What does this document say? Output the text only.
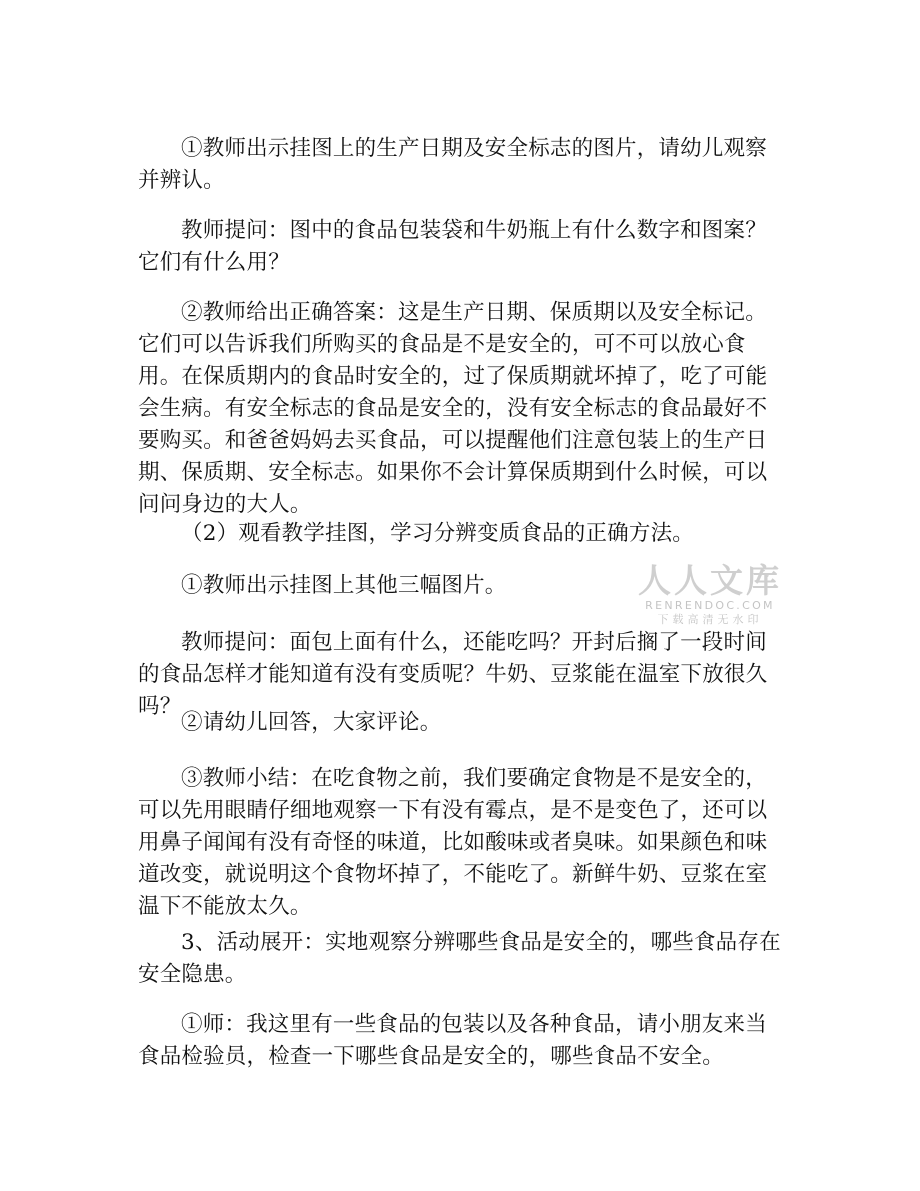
①教师出示挂图上的生产日期及安全标志的图片，请幼儿观察并辨认。

教师提问：图中的食品包装袋和牛奶瓶上有什么数字和图案？它们有什么用？

②教师给出正确答案：这是生产日期、保质期以及安全标记。它们可以告诉我们所购买的食品是不是安全的，可不可以放心食用。在保质期内的食品时安全的，过了保质期就坏掉了，吃了可能会生病。有安全标志的食品是安全的，没有安全标志的食品最好不要购买。和爸爸妈妈去买食品，可以提醒他们注意包装上的生产日期、保质期、安全标志。如果你不会计算保质期到什么时候，可以问问身边的大人。

（2）观看教学挂图，学习分辨变质食品的正确方法。

①教师出示挂图上其他三幅图片。

教师提问：面包上面有什么，还能吃吗？开封后搁了一段时间的食品怎样才能知道有没有变质呢？牛奶、豆浆能在温室下放很久吗？

②请幼儿回答，大家评论。

③教师小结：在吃食物之前，我们要确定食物是不是安全的，可以先用眼睛仔细地观察一下有没有霉点，是不是变色了，还可以用鼻子闻闻有没有奇怪的味道，比如酸味或者臭味。如果颜色和味道改变，就说明这个食物坏掉了，不能吃了。新鲜牛奶、豆浆在室温下不能放太久。

3、活动展开：实地观察分辨哪些食品是安全的，哪些食品存在安全隐患。

①师：我这里有一些食品的包装以及各种食品，请小朋友来当食品检验员，检查一下哪些食品是安全的，哪些食品不安全。

人人文库
RENRENDOC.COM
下载高清无水印
